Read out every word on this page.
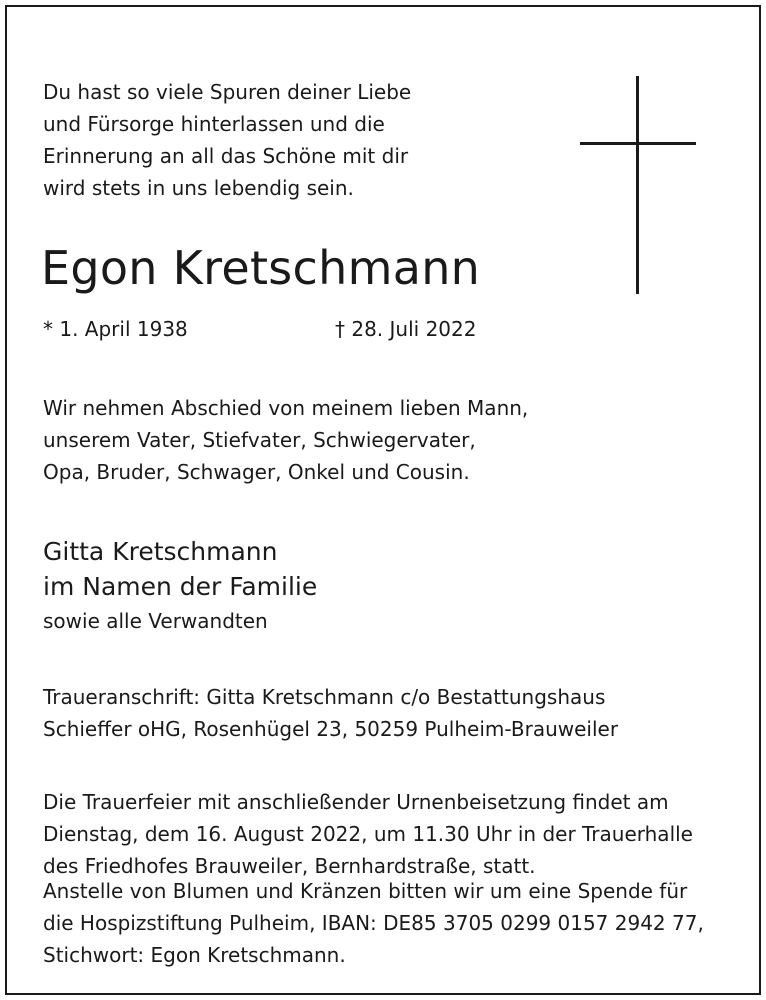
Du hast so viele Spuren deiner Liebe
und Fürsorge hinterlassen und die
Erinnerung an all das Schöne mit dir
wird stets in uns lebendig sein.
Egon Kretschmann
* 1. April 1938	† 28. Juli 2022
Wir nehmen Abschied von meinem lieben Mann,
unserem Vater, Stiefvater, Schwiegervater,
Opa, Bruder, Schwager, Onkel und Cousin.
Gitta Kretschmann
im Namen der Familie
sowie alle Verwandten
Traueranschrift: Gitta Kretschmann c/o Bestattungshaus
Schieffer oHG, Rosenhügel 23, 50259 Pulheim-Brauweiler
Die Trauerfeier mit anschließender Urnenbeisetzung findet am
Dienstag, dem 16. August 2022, um 11.30 Uhr in der Trauerhalle
des Friedhofes Brauweiler, Bernhardstraße, statt.
Anstelle von Blumen und Kränzen bitten wir um eine Spende für
die Hospizstiftung Pulheim, IBAN: DE85 3705 0299 0157 2942 77,
Stichwort: Egon Kretschmann.
